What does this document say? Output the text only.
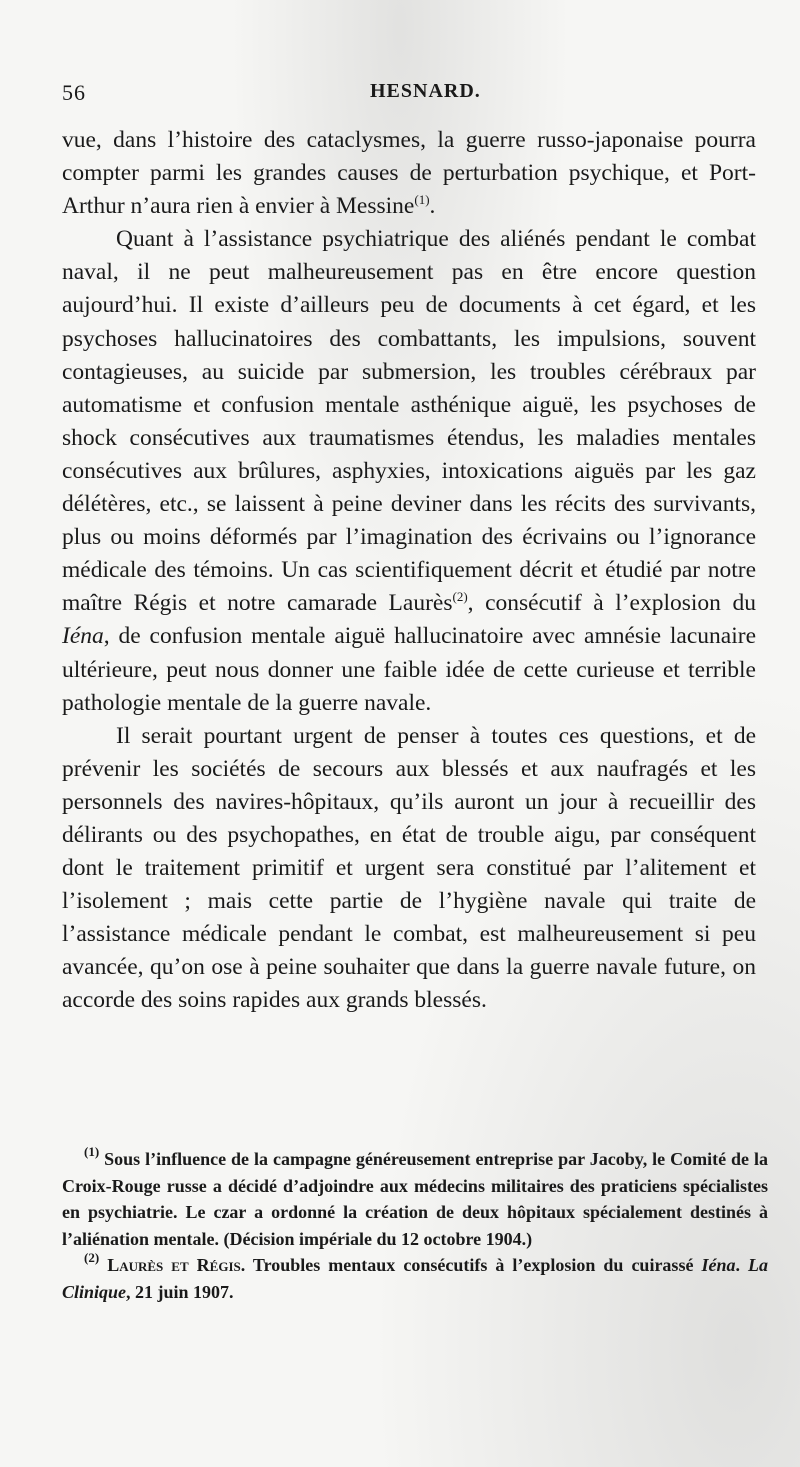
56	HESNARD.

vue, dans l’histoire des cataclysmes, la guerre russo-japonaise pourra compter parmi les grandes causes de perturbation psychique, et Port-Arthur n’aura rien à envier à Messine$^{(1)}$.

Quant à l’assistance psychiatrique des aliénés pendant le combat naval, il ne peut malheureusement pas en être encore question aujourd’hui. Il existe d’ailleurs peu de documents à cet égard, et les psychoses hallucinatoires des combattants, les impulsions, souvent contagieuses, au suicide par submersion, les troubles cérébraux par automatisme et confusion mentale asthénique aiguë, les psychoses de shock consécutives aux traumatismes étendus, les maladies mentales consécutives aux brûlures, asphyxies, intoxications aiguës par les gaz délétères, etc., se laissent à peine deviner dans les récits des survivants, plus ou moins déformés par l’imagination des écrivains ou l’ignorance médicale des témoins. Un cas scientifiquement décrit et étudié par notre maître Régis et notre camarade Laurès$^{(2)}$, consécutif à l’explosion du Iéna, de confusion mentale aiguë hallucinatoire avec amnésie lacunaire ultérieure, peut nous donner une faible idée de cette curieuse et terrible pathologie mentale de la guerre navale.

Il serait pourtant urgent de penser à toutes ces questions, et de prévenir les sociétés de secours aux blessés et aux naufragés et les personnels des navires-hôpitaux, qu’ils auront un jour à recueillir des délirants ou des psychopathes, en état de trouble aigu, par conséquent dont le traitement primitif et urgent sera constitué par l’alitement et l’isolement ; mais cette partie de l’hygiène navale qui traite de l’assistance médicale pendant le combat, est malheureusement si peu avancée, qu’on ose à peine souhaiter que dans la guerre navale future, on accorde des soins rapides aux grands blessés.

$^{(1)}$ Sous l’influence de la campagne généreusement entreprise par Jacoby, le Comité de la Croix-Rouge russe a décidé d’adjoindre aux médecins militaires des praticiens spécialistes en psychiatrie. Le czar a ordonné la création de deux hôpitaux spécialement destinés à l’aliénation mentale. (Décision impériale du 12 octobre 1904.)

$^{(2)}$ Laurès et Régis. Troubles mentaux consécutifs à l’explosion du cuirassé Iéna. La Clinique, 21 juin 1907.
